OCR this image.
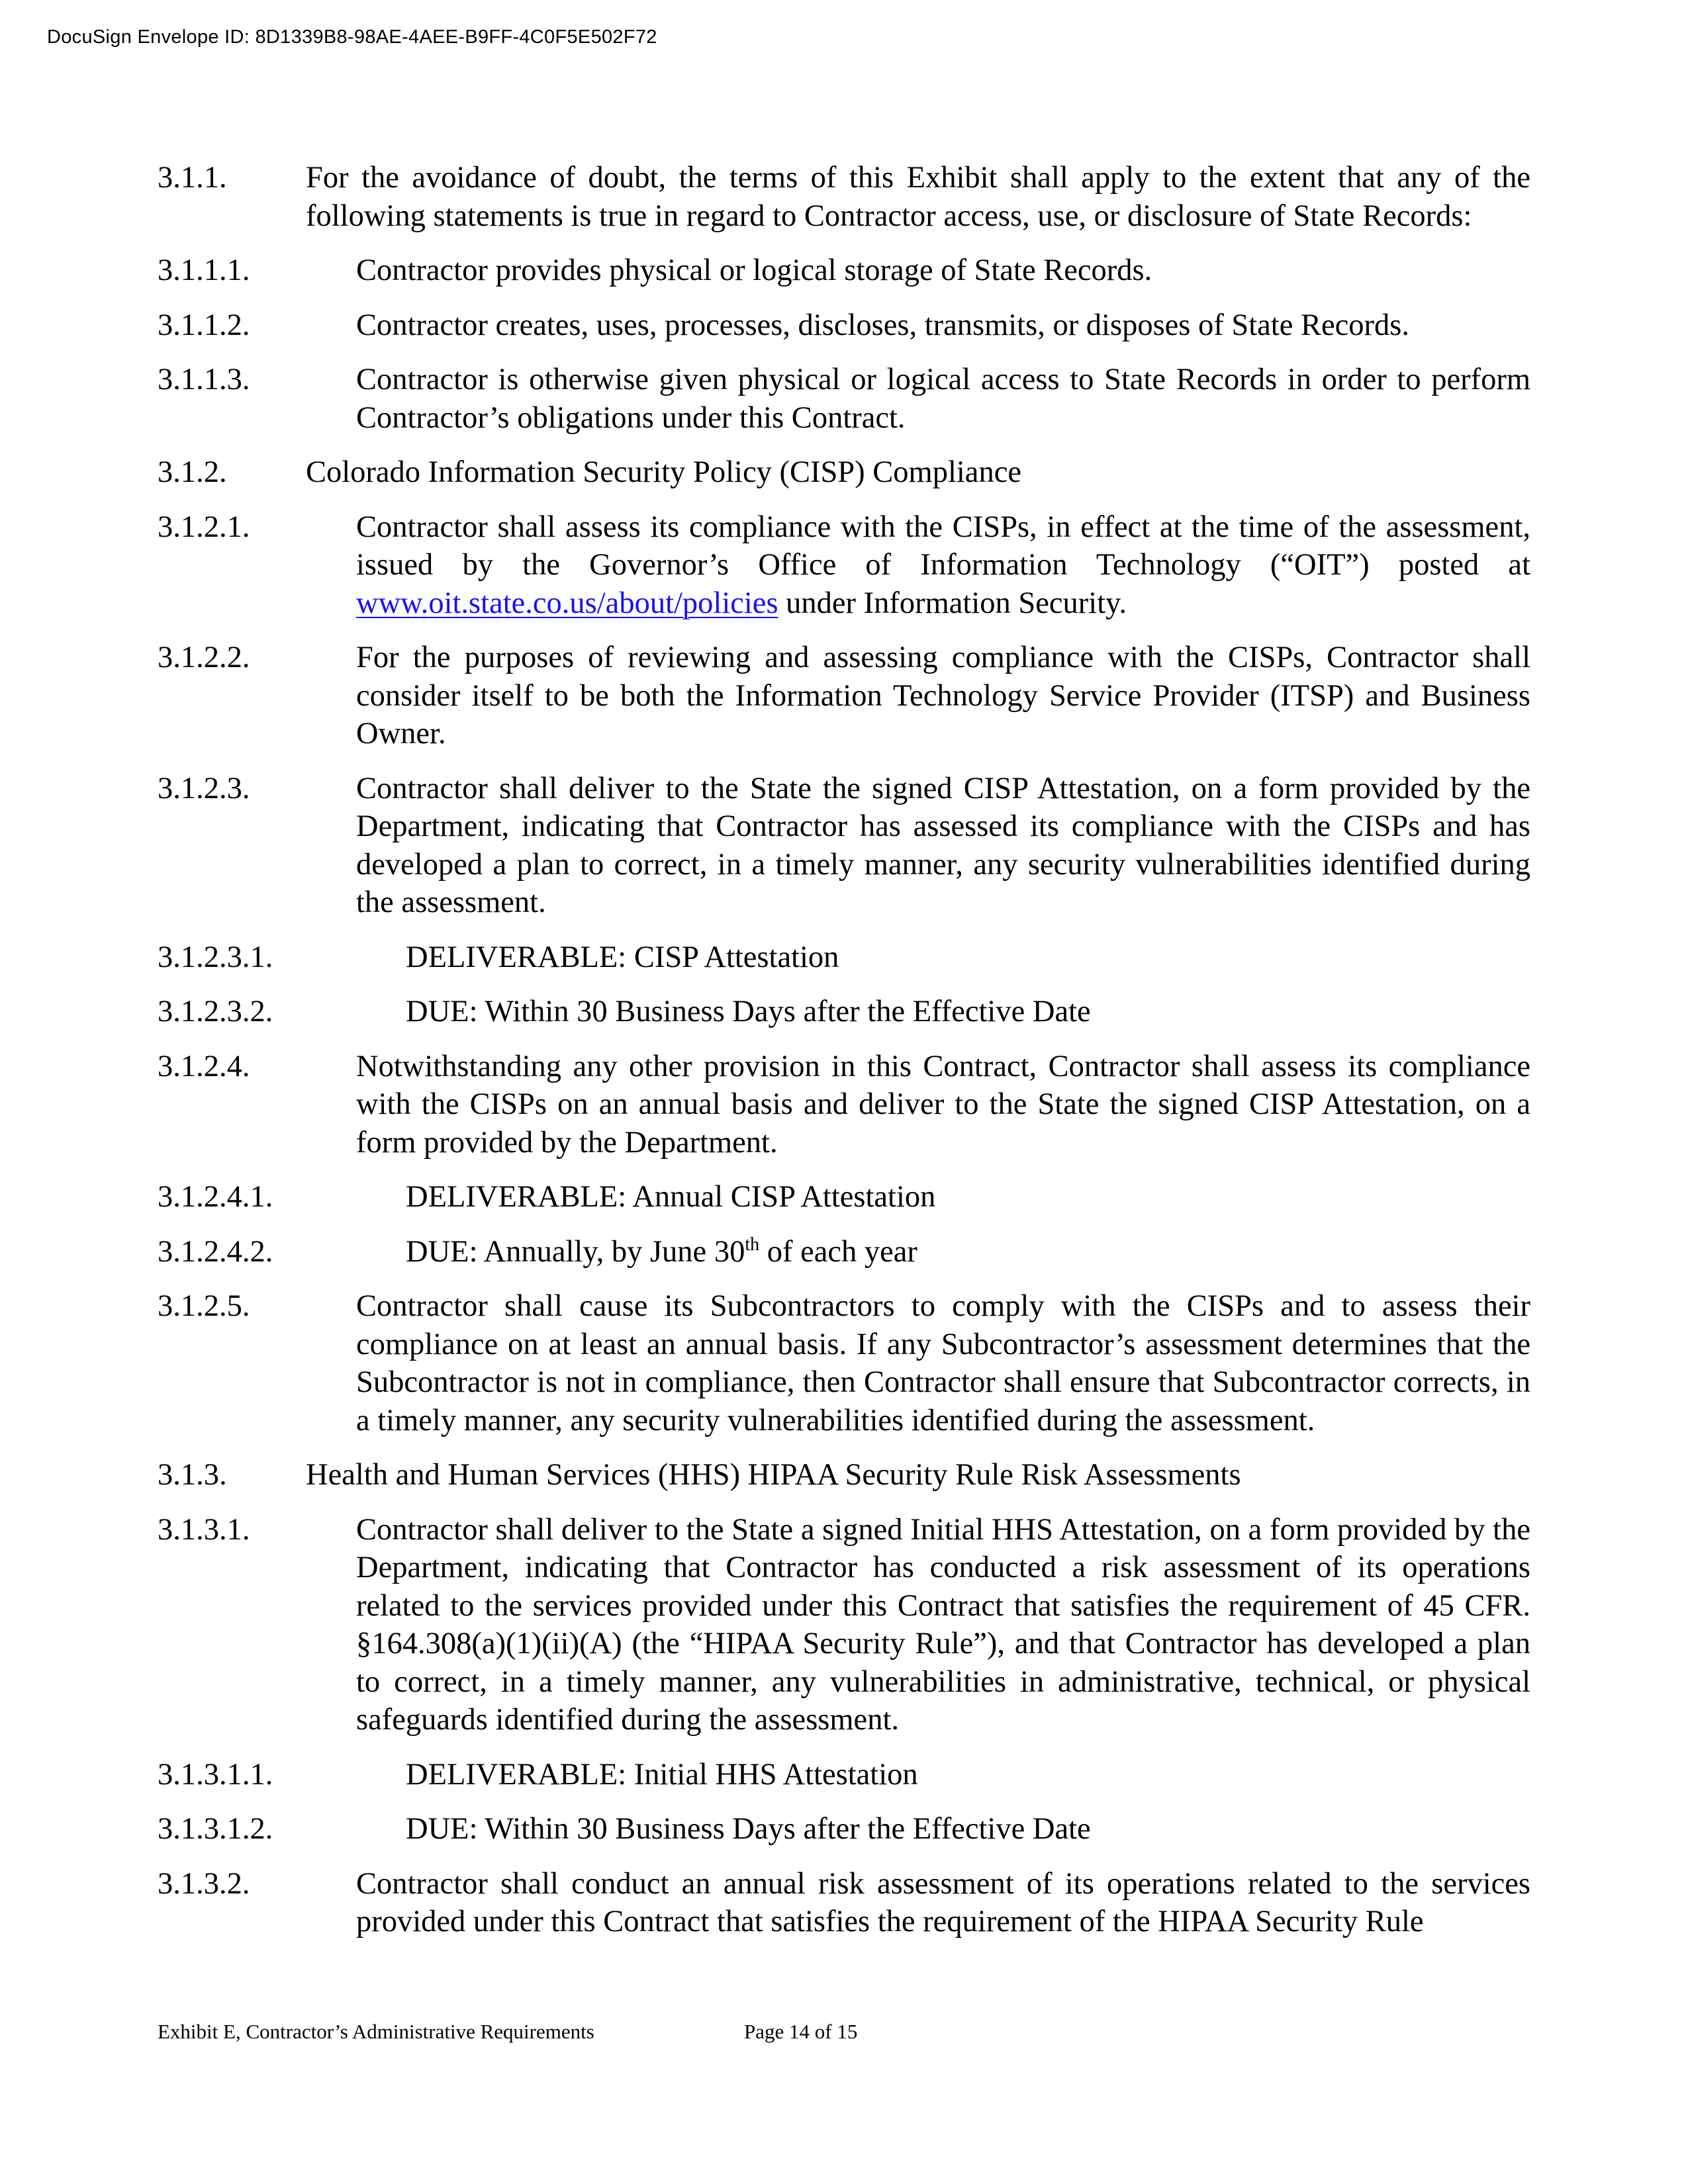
DocuSign Envelope ID: 8D1339B8-98AE-4AEE-B9FF-4C0F5E502F72
3.1.1.	For the avoidance of doubt, the terms of this Exhibit shall apply to the extent that any of the following statements is true in regard to Contractor access, use, or disclosure of State Records:
3.1.1.1.	Contractor provides physical or logical storage of State Records.
3.1.1.2.	Contractor creates, uses, processes, discloses, transmits, or disposes of State Records.
3.1.1.3.	Contractor is otherwise given physical or logical access to State Records in order to perform Contractor’s obligations under this Contract.
3.1.2.	Colorado Information Security Policy (CISP) Compliance
3.1.2.1.	Contractor shall assess its compliance with the CISPs, in effect at the time of the assessment, issued by the Governor’s Office of Information Technology (“OIT”) posted at www.oit.state.co.us/about/policies under Information Security.
3.1.2.2.	For the purposes of reviewing and assessing compliance with the CISPs, Contractor shall consider itself to be both the Information Technology Service Provider (ITSP) and Business Owner.
3.1.2.3.	Contractor shall deliver to the State the signed CISP Attestation, on a form provided by the Department, indicating that Contractor has assessed its compliance with the CISPs and has developed a plan to correct, in a timely manner, any security vulnerabilities identified during the assessment.
3.1.2.3.1.	DELIVERABLE: CISP Attestation
3.1.2.3.2.	DUE: Within 30 Business Days after the Effective Date
3.1.2.4.	Notwithstanding any other provision in this Contract, Contractor shall assess its compliance with the CISPs on an annual basis and deliver to the State the signed CISP Attestation, on a form provided by the Department.
3.1.2.4.1.	DELIVERABLE: Annual CISP Attestation
3.1.2.4.2.	DUE: Annually, by June 30th of each year
3.1.2.5.	Contractor shall cause its Subcontractors to comply with the CISPs and to assess their compliance on at least an annual basis. If any Subcontractor’s assessment determines that the Subcontractor is not in compliance, then Contractor shall ensure that Subcontractor corrects, in a timely manner, any security vulnerabilities identified during the assessment.
3.1.3.	Health and Human Services (HHS) HIPAA Security Rule Risk Assessments
3.1.3.1.	Contractor shall deliver to the State a signed Initial HHS Attestation, on a form provided by the Department, indicating that Contractor has conducted a risk assessment of its operations related to the services provided under this Contract that satisfies the requirement of 45 CFR. §164.308(a)(1)(ii)(A) (the “HIPAA Security Rule”), and that Contractor has developed a plan to correct, in a timely manner, any vulnerabilities in administrative, technical, or physical safeguards identified during the assessment.
3.1.3.1.1.	DELIVERABLE: Initial HHS Attestation
3.1.3.1.2.	DUE: Within 30 Business Days after the Effective Date
3.1.3.2.	Contractor shall conduct an annual risk assessment of its operations related to the services provided under this Contract that satisfies the requirement of the HIPAA Security Rule
Exhibit E, Contractor’s Administrative Requirements	Page 14 of 15
